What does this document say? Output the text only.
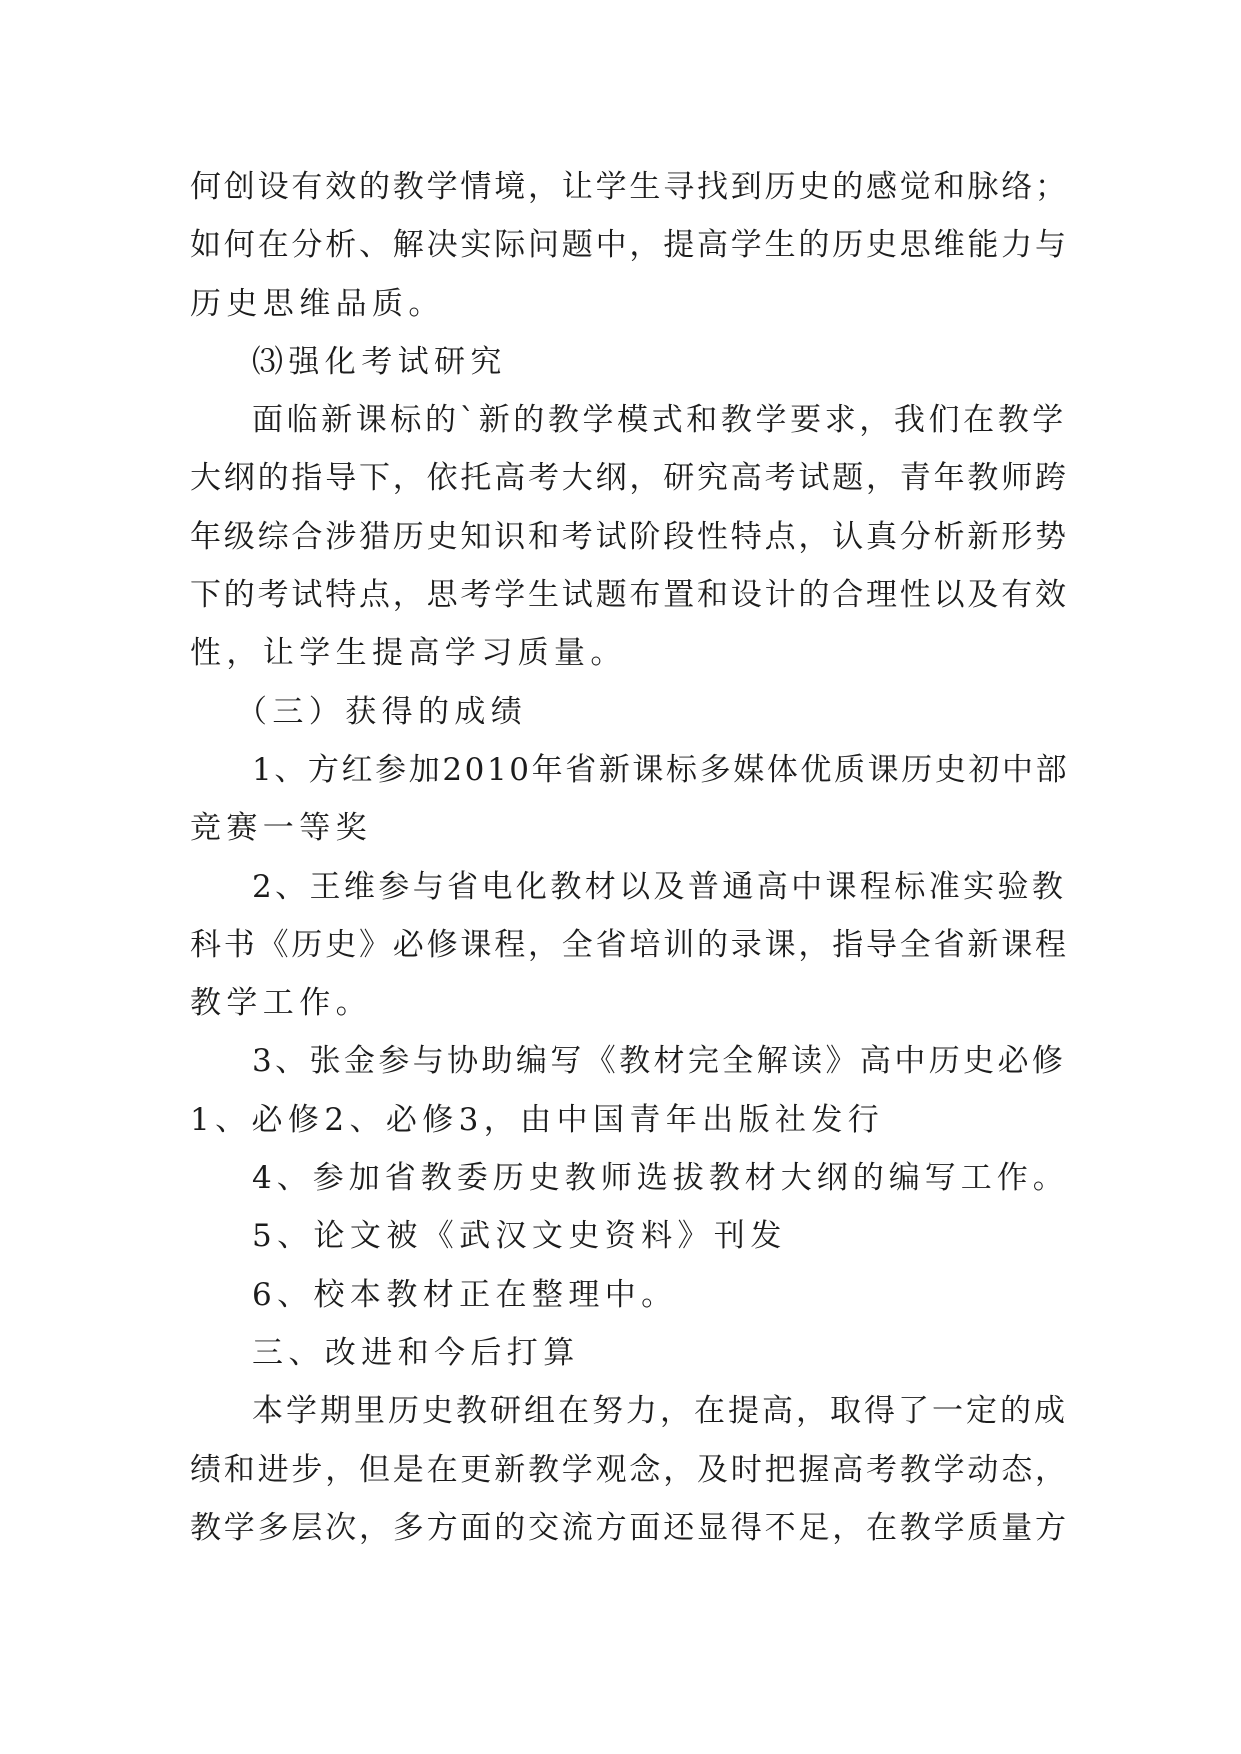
何创设有效的教学情境，让学生寻找到历史的感觉和脉络；
如何在分析、解决实际问题中，提高学生的历史思维能力与
历史思维品质。
⑶强化考试研究
面临新课标的`新的教学模式和教学要求，我们在教学
大纲的指导下，依托高考大纲，研究高考试题，青年教师跨
年级综合涉猎历史知识和考试阶段性特点，认真分析新形势
下的考试特点，思考学生试题布置和设计的合理性以及有效
性，让学生提高学习质量。
（三）获得的成绩
1、方红参加2010年省新课标多媒体优质课历史初中部
竞赛一等奖
2、王维参与省电化教材以及普通高中课程标准实验教
科书《历史》必修课程，全省培训的录课，指导全省新课程
教学工作。
3、张金参与协助编写《教材完全解读》高中历史必修
1、必修2、必修3，由中国青年出版社发行
4、参加省教委历史教师选拔教材大纲的编写工作。
5、论文被《武汉文史资料》刊发
6、校本教材正在整理中。
三、改进和今后打算
本学期里历史教研组在努力，在提高，取得了一定的成
绩和进步，但是在更新教学观念，及时把握高考教学动态，
教学多层次，多方面的交流方面还显得不足，在教学质量方
